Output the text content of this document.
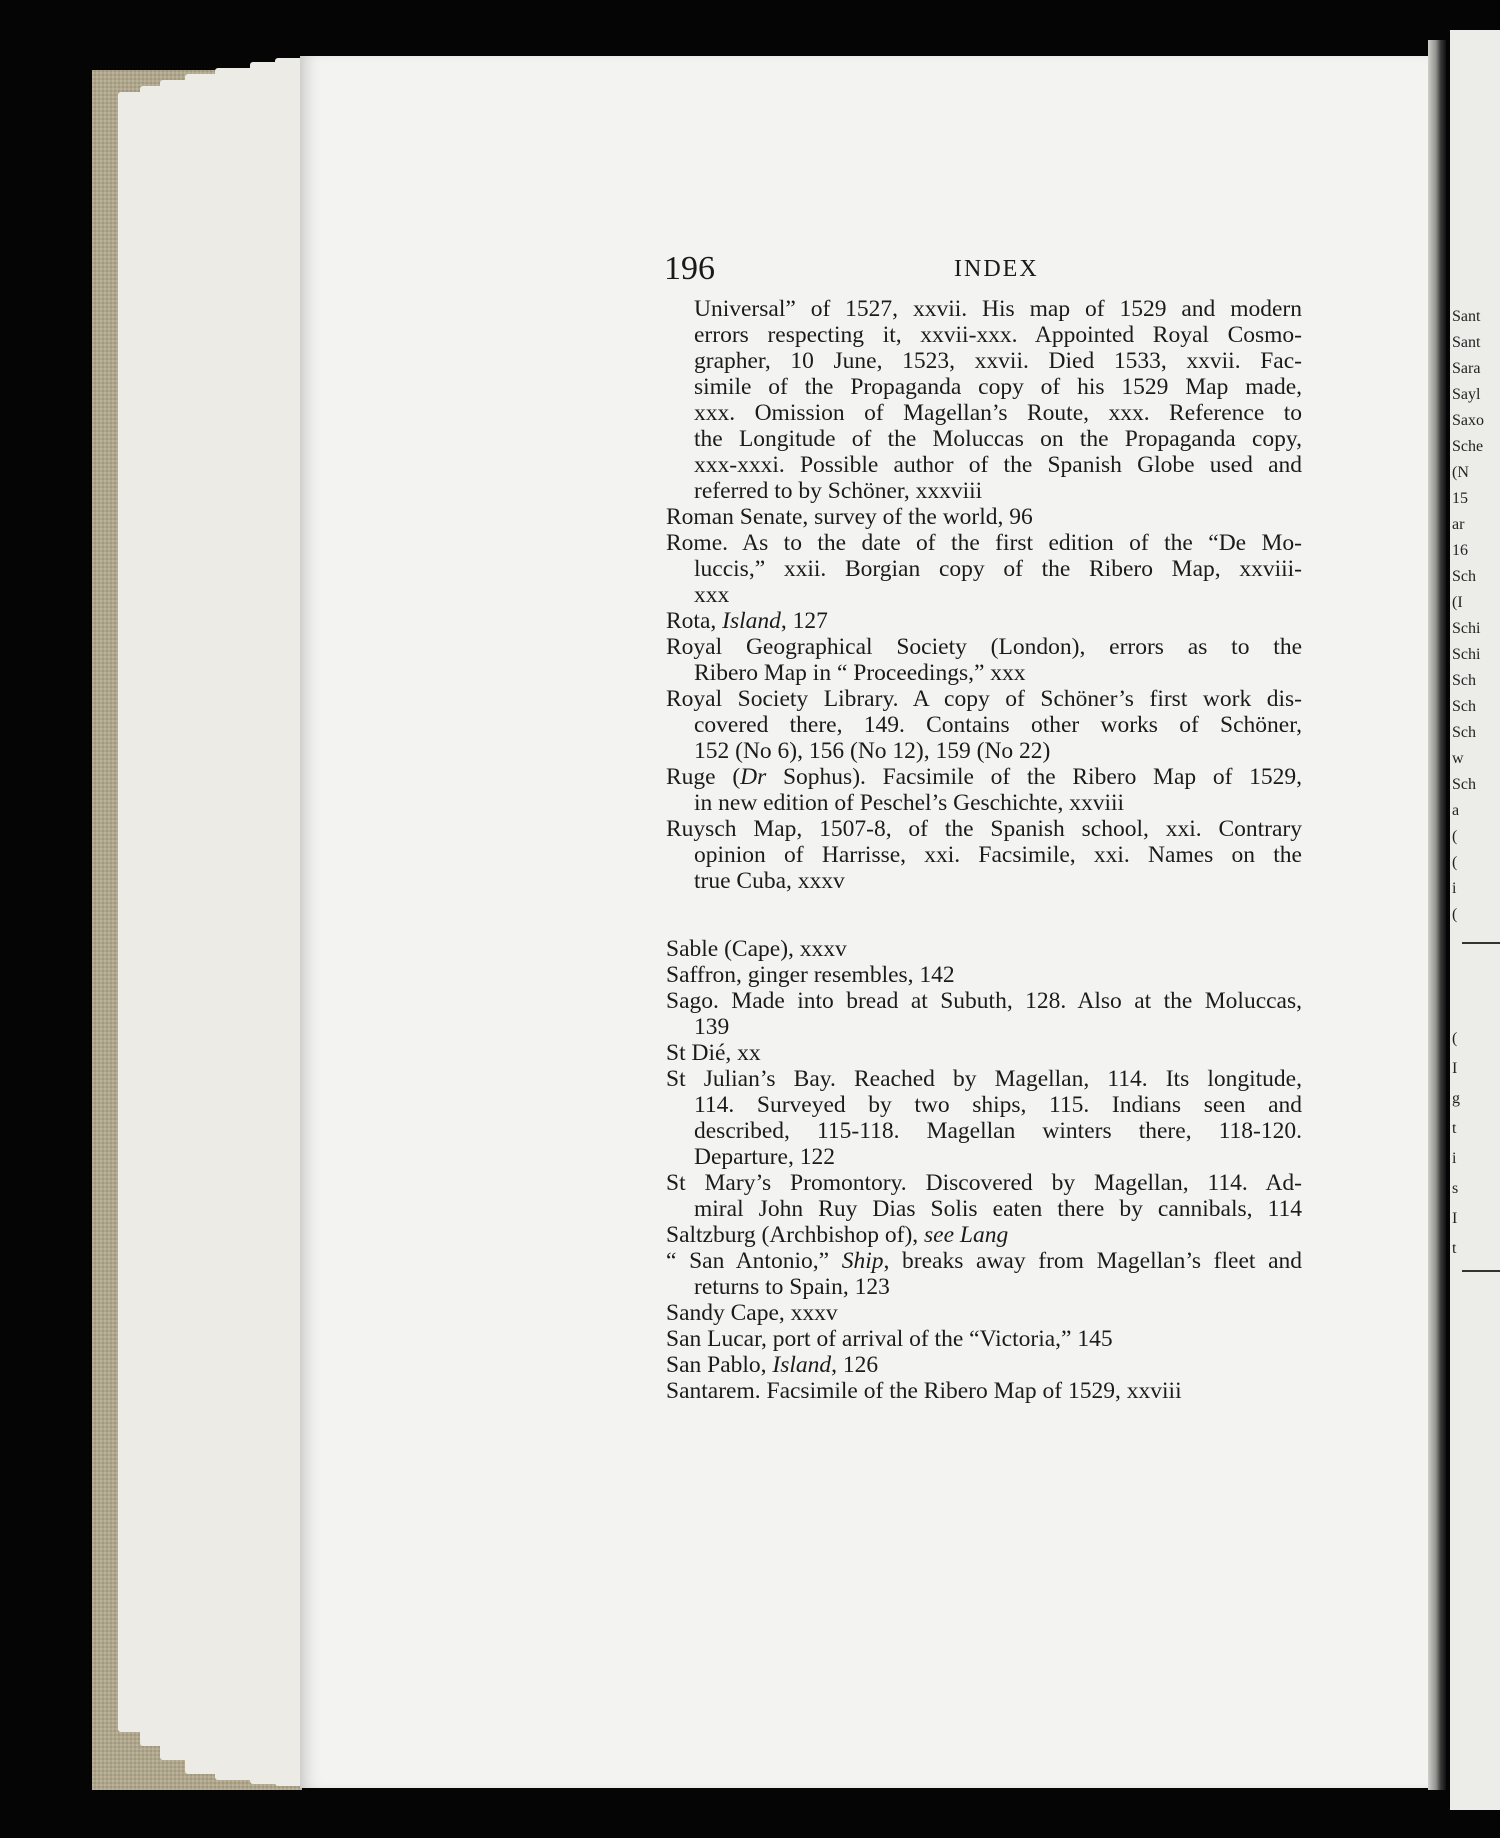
Sant
Sant
Sara
Sayl
Saxo
Sche
(N
15
ar
16
Sch
(I
Schi
Schi
Sch
Sch
Sch
w
Sch
a
(
(
i
(
(
I
g
t
i
s
I
t
196	INDEX
Universal” of 1527, xxvii. His map of 1529 and modern
errors respecting it, xxvii-xxx. Appointed Royal Cosmo-
grapher, 10 June, 1523, xxvii. Died 1533, xxvii. Fac-
simile of the Propaganda copy of his 1529 Map made,
xxx. Omission of Magellan’s Route, xxx. Reference to
the Longitude of the Moluccas on the Propaganda copy,
xxx-xxxi. Possible author of the Spanish Globe used and
referred to by Schöner, xxxviii
Roman Senate, survey of the world, 96
Rome. As to the date of the first edition of the “De Mo-
luccis,” xxii. Borgian copy of the Ribero Map, xxviii-
xxx
Rota, Island, 127
Royal Geographical Society (London), errors as to the
Ribero Map in “ Proceedings,” xxx
Royal Society Library. A copy of Schöner’s first work dis-
covered there, 149. Contains other works of Schöner,
152 (No 6), 156 (No 12), 159 (No 22)
Ruge (Dr Sophus). Facsimile of the Ribero Map of 1529,
in new edition of Peschel’s Geschichte, xxviii
Ruysch Map, 1507-8, of the Spanish school, xxi. Contrary
opinion of Harrisse, xxi. Facsimile, xxi. Names on the
true Cuba, xxxv
Sable (Cape), xxxv
Saffron, ginger resembles, 142
Sago. Made into bread at Subuth, 128. Also at the Moluccas,
139
St Dié, xx
St Julian’s Bay. Reached by Magellan, 114. Its longitude,
114. Surveyed by two ships, 115. Indians seen and
described, 115-118. Magellan winters there, 118-120.
Departure, 122
St Mary’s Promontory. Discovered by Magellan, 114. Ad-
miral John Ruy Dias Solis eaten there by cannibals, 114
Saltzburg (Archbishop of), see Lang
“ San Antonio,” Ship, breaks away from Magellan’s fleet and
returns to Spain, 123
Sandy Cape, xxxv
San Lucar, port of arrival of the “Victoria,” 145
San Pablo, Island, 126
Santarem. Facsimile of the Ribero Map of 1529, xxviii
